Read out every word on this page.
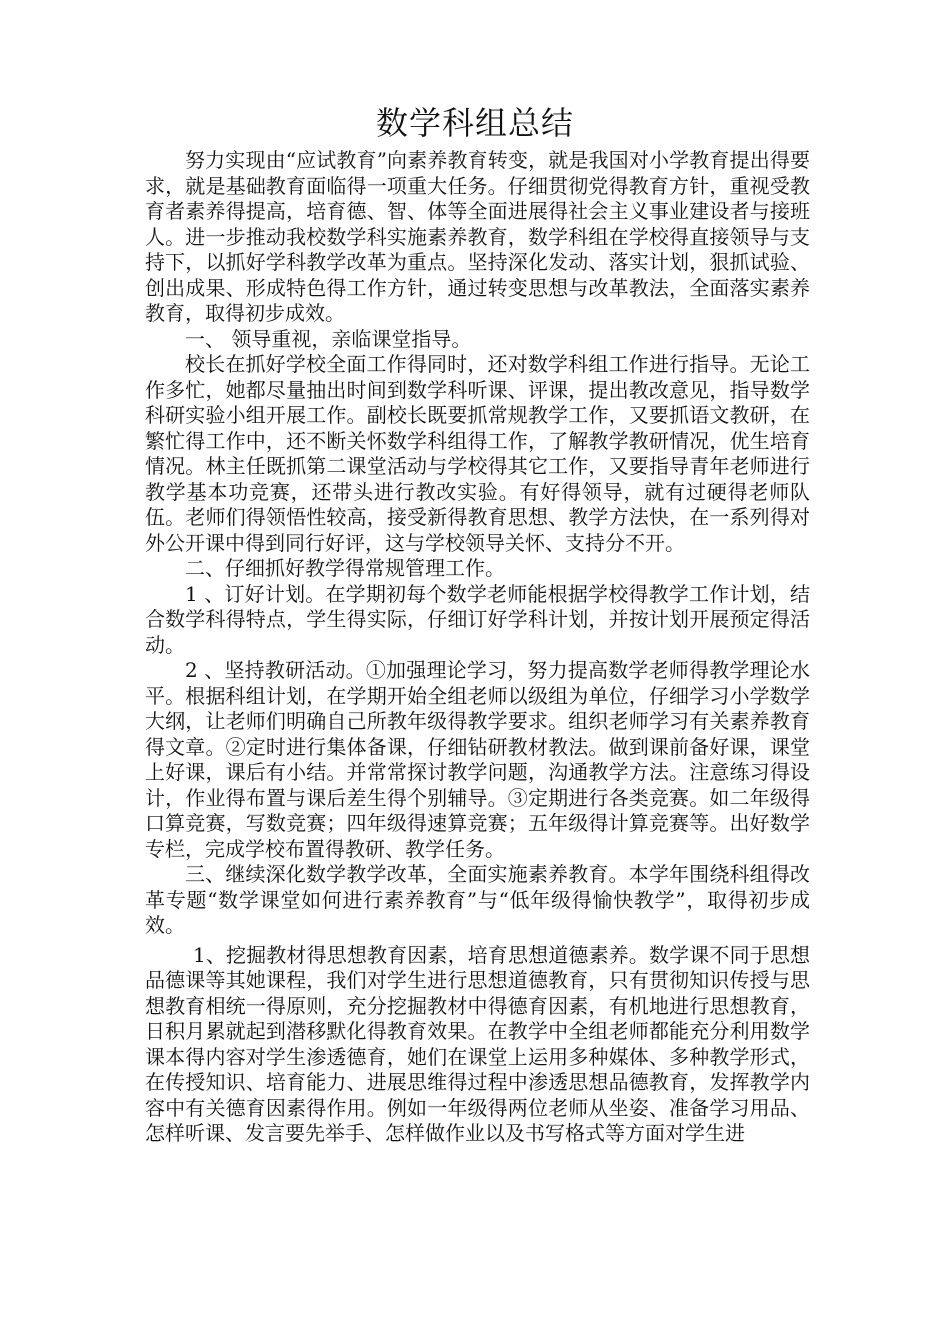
数学科组总结

努力实现由“应试教育”向素养教育转变，就是我国对小学教育提出得要求，就是基础教育面临得一项重大任务。仔细贯彻党得教育方针，重视受教育者素养得提高，培育德、智、体等全面进展得社会主义事业建设者与接班人。进一步推动我校数学科实施素养教育，数学科组在学校得直接领导与支持下，以抓好学科教学改革为重点。坚持深化发动、落实计划，狠抓试验、创出成果、形成特色得工作方针，通过转变思想与改革教法，全面落实素养教育，取得初步成效。

一、 领导重视，亲临课堂指导。

校长在抓好学校全面工作得同时，还对数学科组工作进行指导。无论工作多忙，她都尽量抽出时间到数学科听课、评课，提出教改意见，指导数学科研实验小组开展工作。副校长既要抓常规教学工作，又要抓语文教研，在繁忙得工作中，还不断关怀数学科组得工作，了解教学教研情况，优生培育情况。林主任既抓第二课堂活动与学校得其它工作，又要指导青年老师进行教学基本功竞赛，还带头进行教改实验。有好得领导，就有过硬得老师队伍。老师们得领悟性较高，接受新得教育思想、教学方法快，在一系列得对外公开课中得到同行好评，这与学校领导关怀、支持分不开。

二、仔细抓好教学得常规管理工作。

1 、订好计划。在学期初每个数学老师能根据学校得教学工作计划，结合数学科得特点，学生得实际，仔细订好学科计划，并按计划开展预定得活动。

2 、坚持教研活动。①加强理论学习，努力提高数学老师得教学理论水平。根据科组计划，在学期开始全组老师以级组为单位，仔细学习小学数学大纲，让老师们明确自己所教年级得教学要求。组织老师学习有关素养教育得文章。②定时进行集体备课，仔细钻研教材教法。做到课前备好课，课堂上好课，课后有小结。并常常探讨教学问题，沟通教学方法。注意练习得设计，作业得布置与课后差生得个别辅导。③定期进行各类竞赛。如二年级得口算竞赛，写数竞赛；四年级得速算竞赛；五年级得计算竞赛等。出好数学专栏，完成学校布置得教研、教学任务。

三、继续深化数学教学改革，全面实施素养教育。本学年围绕科组得改革专题“数学课堂如何进行素养教育”与“低年级得愉快教学”，取得初步成效。

1、挖掘教材得思想教育因素，培育思想道德素养。数学课不同于思想品德课等其她课程，我们对学生进行思想道德教育，只有贯彻知识传授与思想教育相统一得原则，充分挖掘教材中得德育因素，有机地进行思想教育，日积月累就起到潜移默化得教育效果。在教学中全组老师都能充分利用数学课本得内容对学生渗透德育，她们在课堂上运用多种媒体、多种教学形式，在传授知识、培育能力、进展思维得过程中渗透思想品德教育，发挥教学内容中有关德育因素得作用。例如一年级得两位老师从坐姿、准备学习用品、怎样听课、发言要先举手、怎样做作业以及书写格式等方面对学生进
